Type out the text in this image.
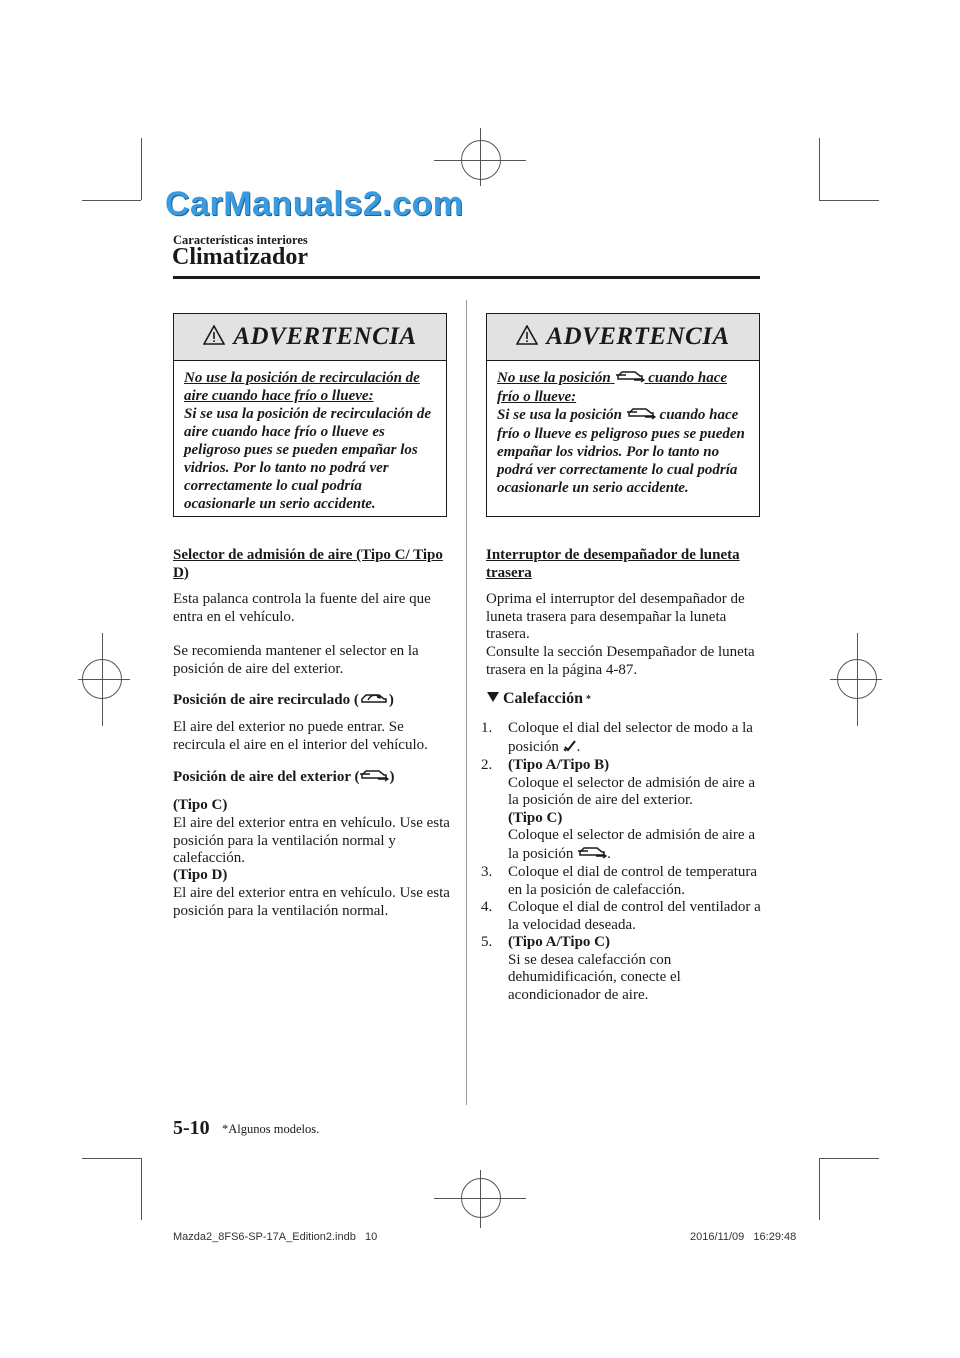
CarManuals2.com
Características interiores
Climatizador
ADVERTENCIA
No use la posición de recirculación de aire cuando hace frío o llueve:
Si se usa la posición de recirculación de aire cuando hace frío o llueve es peligroso pues se pueden empañar los vidrios. Por lo tanto no podrá ver correctamente lo cual podría ocasionarle un serio accidente.
ADVERTENCIA
No use la posición	cuando hace frío o llueve:
Si se usa la posición	cuando hace frío o llueve es peligroso pues se pueden empañar los vidrios. Por lo tanto no podrá ver correctamente lo cual podría ocasionarle un serio accidente.
Selector de admisión de aire (Tipo C/ Tipo D)
Esta palanca controla la fuente del aire que entra en el vehículo.
Se recomienda mantener el selector en la posición de aire del exterior.
Posición de aire recirculado ( )
El aire del exterior no puede entrar. Se recircula el aire en el interior del vehículo.
Posición de aire del exterior ( )
(Tipo C)
El aire del exterior entra en vehículo. Use esta posición para la ventilación normal y calefacción.
(Tipo D)
El aire del exterior entra en vehículo. Use esta posición para la ventilación normal.
Interruptor de desempañador de luneta trasera
Oprima el interruptor del desempañador de luneta trasera para desempañar la luneta trasera.
Consulte la sección Desempañador de luneta trasera en la página 4-87.
Calefacción *
1. Coloque el dial del selector de modo a la posición .
2. (Tipo A/Tipo B)
Coloque el selector de admisión de aire a la posición de aire del exterior.
(Tipo C)
Coloque el selector de admisión de aire a la posición .
3. Coloque el dial de control de temperatura en la posición de calefacción.
4. Coloque el dial de control del ventilador a la velocidad deseada.
5. (Tipo A/Tipo C)
Si se desea calefacción con dehumidificación, conecte el acondicionador de aire.
5-10 *Algunos modelos.
Mazda2_8FS6-SP-17A_Edition2.indb   10	2016/11/09   16:29:48
